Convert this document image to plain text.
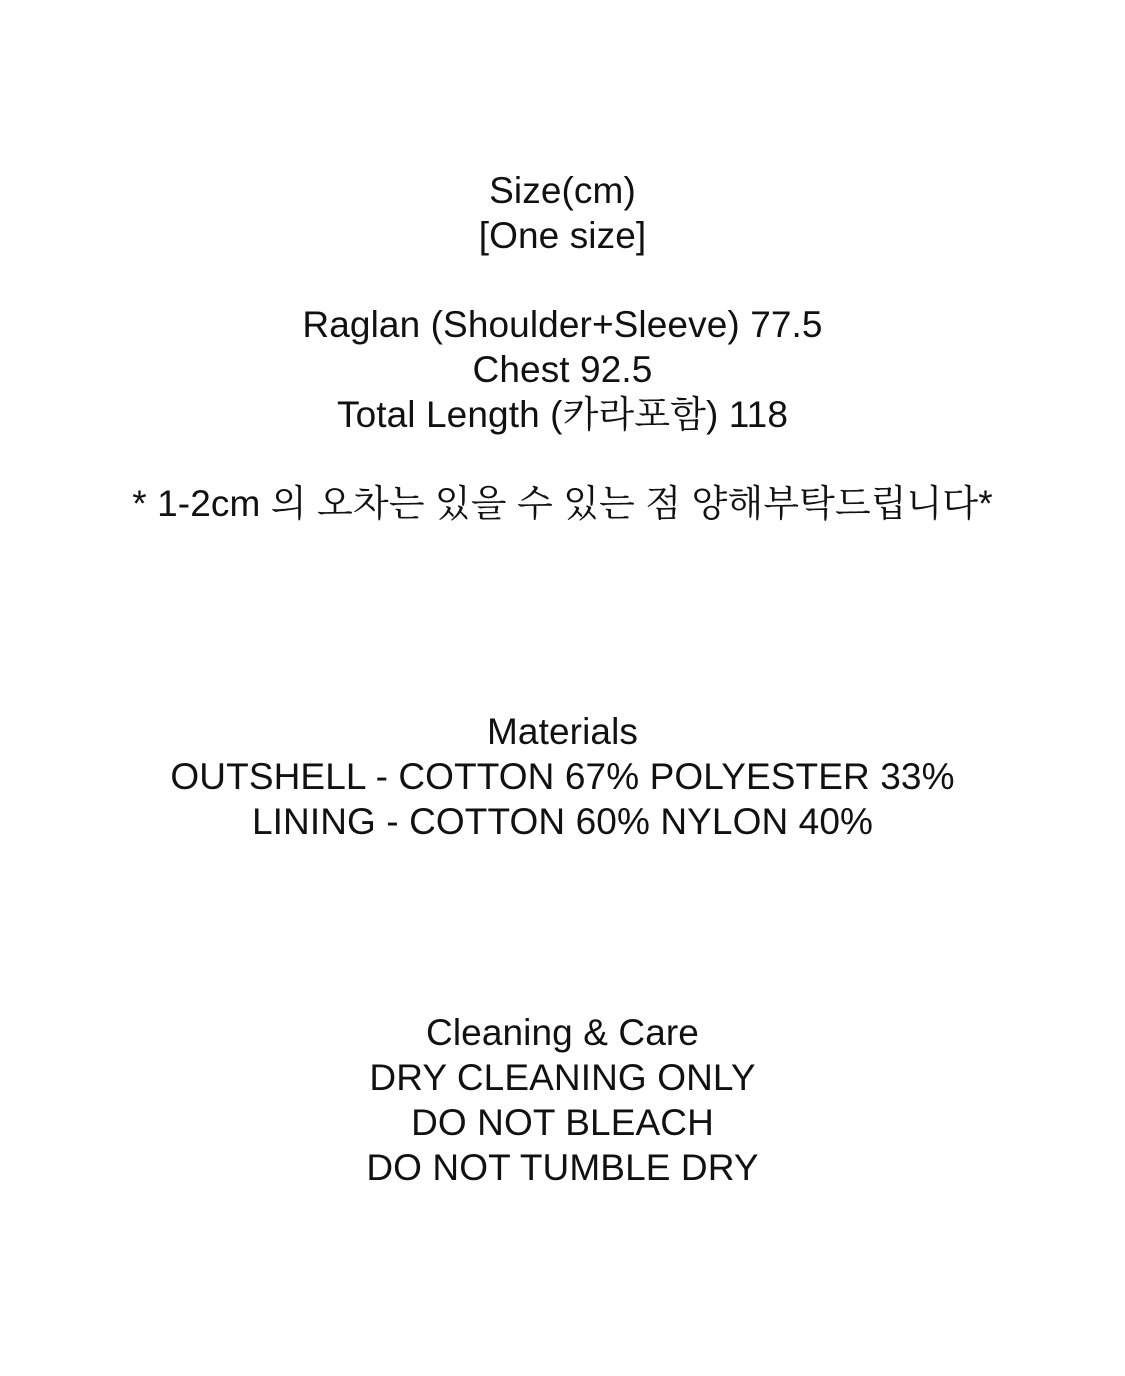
Size(cm)
[One size]
Raglan (Shoulder+Sleeve) 77.5
Chest 92.5
Total Length (카라포함) 118
* 1-2cm 의 오차는 있을 수 있는 점 양해부탁드립니다*
Materials
OUTSHELL - COTTON 67% POLYESTER 33%
LINING - COTTON 60% NYLON 40%
Cleaning & Care
DRY CLEANING ONLY
DO NOT BLEACH
DO NOT TUMBLE DRY
